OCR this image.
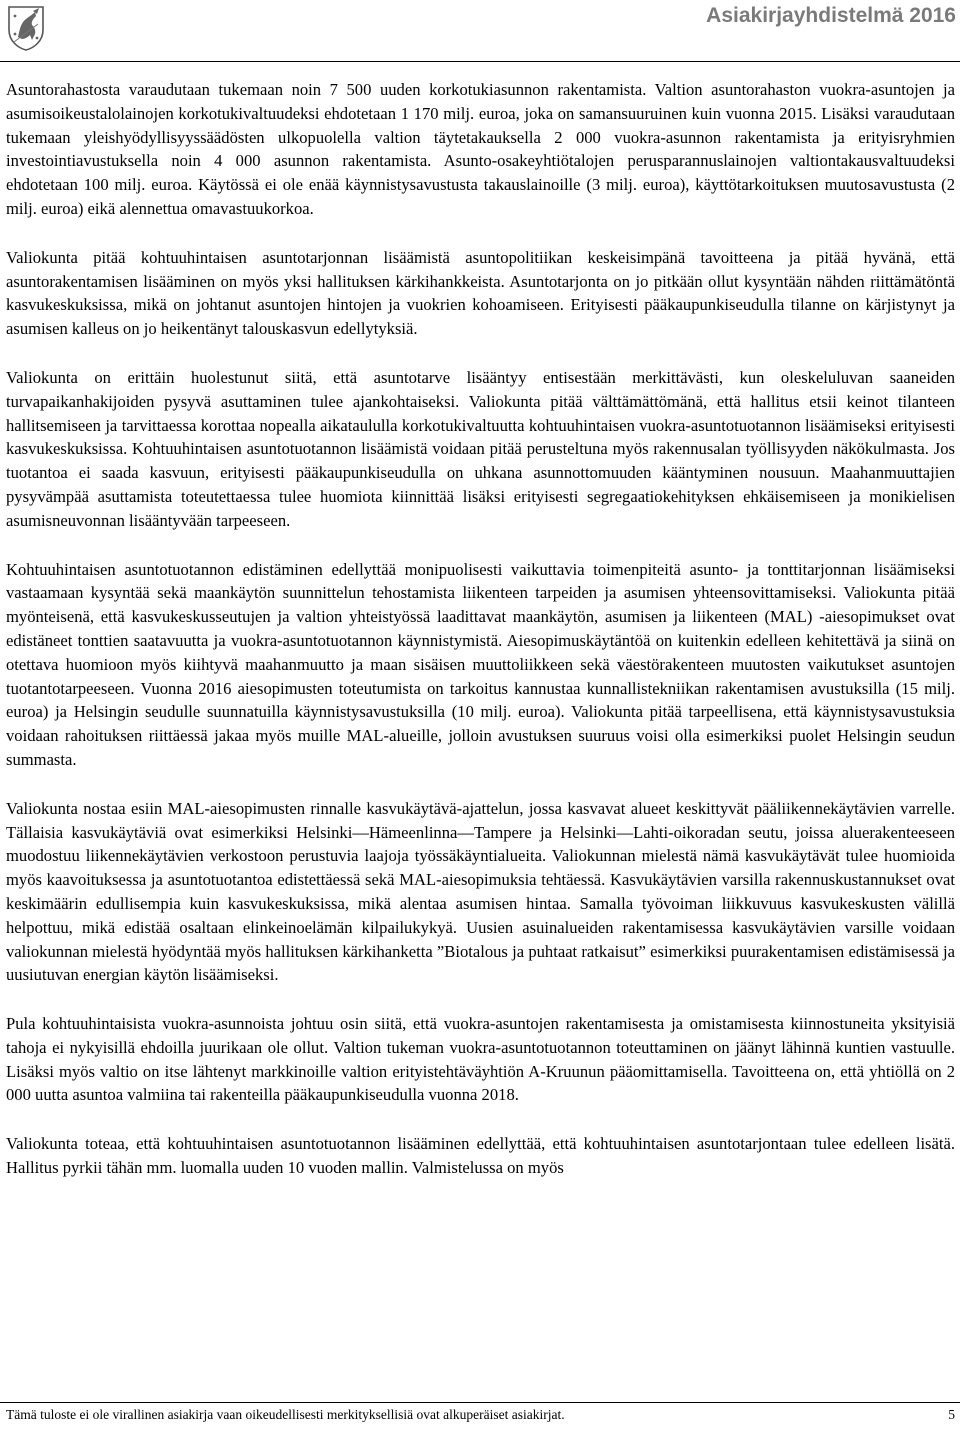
Asiakirjayhdistelmä 2016

Asuntorahastosta varaudutaan tukemaan noin 7 500 uuden korkotukiasunnon rakentamista. Valtion asuntorahaston vuokra-asuntojen ja asumisoikeustalolainojen korkotukivaltuudeksi ehdotetaan 1 170 milj. euroa, joka on samansuuruinen kuin vuonna 2015. Lisäksi varaudutaan tukemaan yleishyödyllisyyssäädösten ulkopuolella valtion täytetakauksella 2 000 vuokra-asunnon rakentamista ja erityisryhmien investointiavustuksella noin 4 000 asunnon rakentamista. Asunto-osakeyhtiötalojen perusparannuslainojen valtiontakausvaltuudeksi ehdotetaan 100 milj. euroa. Käytössä ei ole enää käynnistysavustusta takauslainoille (3 milj. euroa), käyttötarkoituksen muutosavustusta (2 milj. euroa) eikä alennettua omavastuukorkoa.

Valiokunta pitää kohtuuhintaisen asuntotarjonnan lisäämistä asuntopolitiikan keskeisimpänä tavoitteena ja pitää hyvänä, että asuntorakentamisen lisääminen on myös yksi hallituksen kärkihankkeista. Asuntotarjonta on jo pitkään ollut kysyntään nähden riittämätöntä kasvukeskuksissa, mikä on johtanut asuntojen hintojen ja vuokrien kohoamiseen. Erityisesti pääkaupunkiseudulla tilanne on kärjistynyt ja asumisen kalleus on jo heikentänyt talouskasvun edellytyksiä.

Valiokunta on erittäin huolestunut siitä, että asuntotarve lisääntyy entisestään merkittävästi, kun oleskeluluvan saaneiden turvapaikanhakijoiden pysyvä asuttaminen tulee ajankohtaiseksi. Valiokunta pitää välttämättömänä, että hallitus etsii keinot tilanteen hallitsemiseen ja tarvittaessa korottaa nopealla aikataululla korkotukivaltuutta kohtuuhintaisen vuokra-asuntotuotannon lisäämiseksi erityisesti kasvukeskuksissa. Kohtuuhintaisen asuntotuotannon lisäämistä voidaan pitää perusteltuna myös rakennusalan työllisyyden näkökulmasta. Jos tuotantoa ei saada kasvuun, erityisesti pääkaupunkiseudulla on uhkana asunnottomuuden kääntyminen nousuun. Maahanmuuttajien pysyvämpää asuttamista toteutettaessa tulee huomiota kiinnittää lisäksi erityisesti segregaatiokehityksen ehkäisemiseen ja monikielisen asumisneuvonnan lisääntyvään tarpeeseen.

Kohtuuhintaisen asuntotuotannon edistäminen edellyttää monipuolisesti vaikuttavia toimenpiteitä asunto- ja tonttitarjonnan lisäämiseksi vastaamaan kysyntää sekä maankäytön suunnittelun tehostamista liikenteen tarpeiden ja asumisen yhteensovittamiseksi. Valiokunta pitää myönteisenä, että kasvukeskusseutujen ja valtion yhteistyössä laadittavat maankäytön, asumisen ja liikenteen (MAL) -aiesopimukset ovat edistäneet tonttien saatavuutta ja vuokra-asuntotuotannon käynnistymistä. Aiesopimuskäytäntöä on kuitenkin edelleen kehitettävä ja siinä on otettava huomioon myös kiihtyvä maahanmuutto ja maan sisäisen muuttoliikkeen sekä väestörakenteen muutosten vaikutukset asuntojen tuotantotarpeeseen. Vuonna 2016 aiesopimusten toteutumista on tarkoitus kannustaa kunnallistekniikan rakentamisen avustuksilla (15 milj. euroa) ja Helsingin seudulle suunnatuilla käynnistysavustuksilla (10 milj. euroa). Valiokunta pitää tarpeellisena, että käynnistysavustuksia voidaan rahoituksen riittäessä jakaa myös muille MAL-alueille, jolloin avustuksen suuruus voisi olla esimerkiksi puolet Helsingin seudun summasta.

Valiokunta nostaa esiin MAL-aiesopimusten rinnalle kasvukäytävä-ajattelun, jossa kasvavat alueet keskittyvät pääliikennekäytävien varrelle. Tällaisia kasvukäytäviä ovat esimerkiksi Helsinki—Hämeenlinna—Tampere ja Helsinki—Lahti-oikoradan seutu, joissa aluerakenteeseen muodostuu liikennekäytävien verkostoon perustuvia laajoja työssäkäyntialueita. Valiokunnan mielestä nämä kasvukäytävät tulee huomioida myös kaavoituksessa ja asuntotuotantoa edistettäessä sekä MAL-aiesopimuksia tehtäessä. Kasvukäytävien varsilla rakennuskustannukset ovat keskimäärin edullisempia kuin kasvukeskuksissa, mikä alentaa asumisen hintaa. Samalla työvoiman liikkuvuus kasvukeskusten välillä helpottuu, mikä edistää osaltaan elinkeinoelämän kilpailukykyä. Uusien asuinalueiden rakentamisessa kasvukäytävien varsille voidaan valiokunnan mielestä hyödyntää myös hallituksen kärkihanketta ”Biotalous ja puhtaat ratkaisut” esimerkiksi puurakentamisen edistämisessä ja uusiutuvan energian käytön lisäämiseksi.

Pula kohtuuhintaisista vuokra-asunnoista johtuu osin siitä, että vuokra-asuntojen rakentamisesta ja omistamisesta kiinnostuneita yksityisiä tahoja ei nykyisillä ehdoilla juurikaan ole ollut. Valtion tukeman vuokra-asuntotuotannon toteuttaminen on jäänyt lähinnä kuntien vastuulle. Lisäksi myös valtio on itse lähtenyt markkinoille valtion erityistehtäväyhtiön A-Kruunun pääomittamisella. Tavoitteena on, että yhtiöllä on 2 000 uutta asuntoa valmiina tai rakenteilla pääkaupunkiseudulla vuonna 2018.

Valiokunta toteaa, että kohtuuhintaisen asuntotuotannon lisääminen edellyttää, että kohtuuhintaisen asuntotarjontaan tulee edelleen lisätä. Hallitus pyrkii tähän mm. luomalla uuden 10 vuoden mallin. Valmistelussa on myös

Tämä tuloste ei ole virallinen asiakirja vaan oikeudellisesti merkityksellisiä ovat alkuperäiset asiakirjat.	5
